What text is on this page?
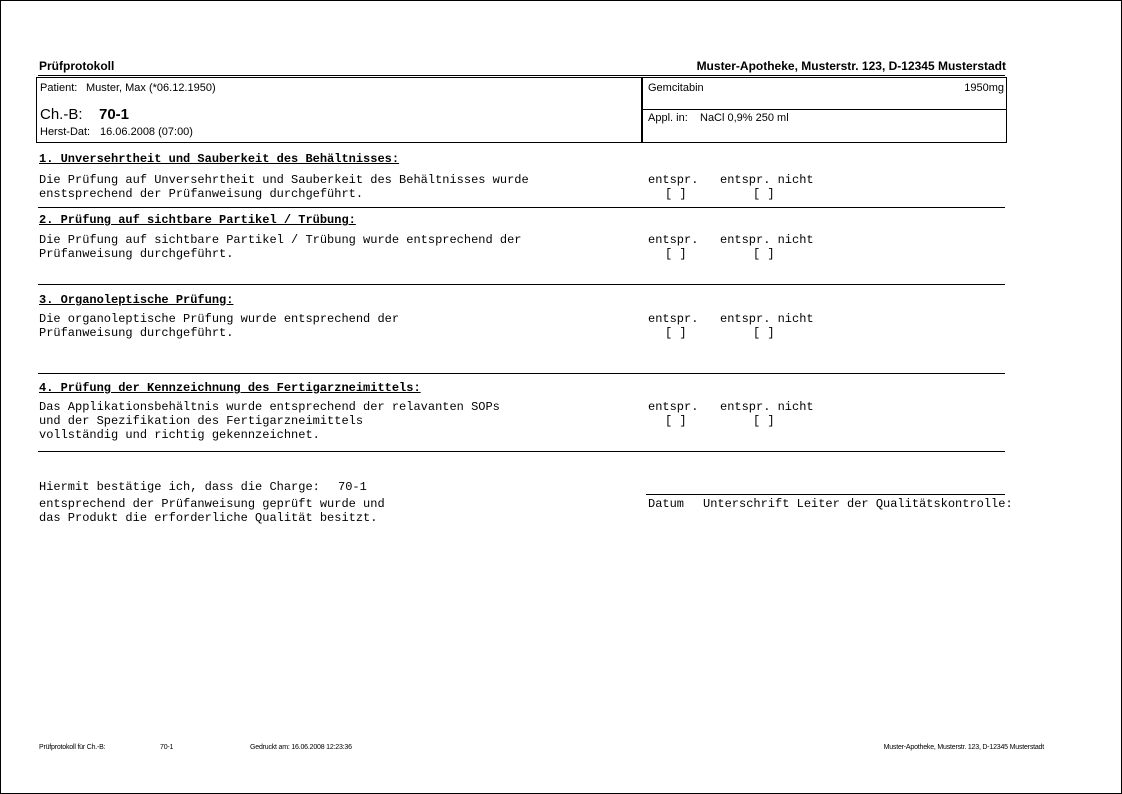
Prüfprotokoll	Muster-Apotheke, Musterstr. 123, D-12345 Musterstadt
Patient: Muster, Max (*06.12.1950)
Ch.-B: 70-1
Herst-Dat: 16.06.2008 (07:00)
Gemcitabin	1950mg
Appl. in: NaCl 0,9% 250 ml
1. Unversehrtheit und Sauberkeit des Behältnisses:
Die Prüfung auf Unversehrtheit und Sauberkeit des Behältnisses wurde
enstsprechend der Prüfanweisung durchgeführt.
entspr. entspr. nicht
[ ]	[ ]
2. Prüfung auf sichtbare Partikel / Trübung:
Die Prüfung auf sichtbare Partikel / Trübung wurde entsprechend der
Prüfanweisung durchgeführt.
entspr. entspr. nicht
[ ]	[ ]
3. Organoleptische Prüfung:
Die organoleptische Prüfung wurde entsprechend der
Prüfanweisung durchgeführt.
entspr. entspr. nicht
[ ]	[ ]
4. Prüfung der Kennzeichnung des Fertigarzneimittels:
Das Applikationsbehältnis wurde entsprechend der relavanten SOPs
und der Spezifikation des Fertigarzneimittels
vollständig und richtig gekennzeichnet.
entspr. entspr. nicht
[ ]	[ ]
Hiermit bestätige ich, dass die Charge: 70-1
entsprechend der Prüfanweisung geprüft wurde und
das Produkt die erforderliche Qualität besitzt.
Datum Unterschrift Leiter der Qualitätskontrolle:
Prüfprotokoll für Ch.-B:	70-1	Gedruckt am: 16.06.2008 12:23:36	Muster-Apotheke, Musterstr. 123, D-12345 Musterstadt
